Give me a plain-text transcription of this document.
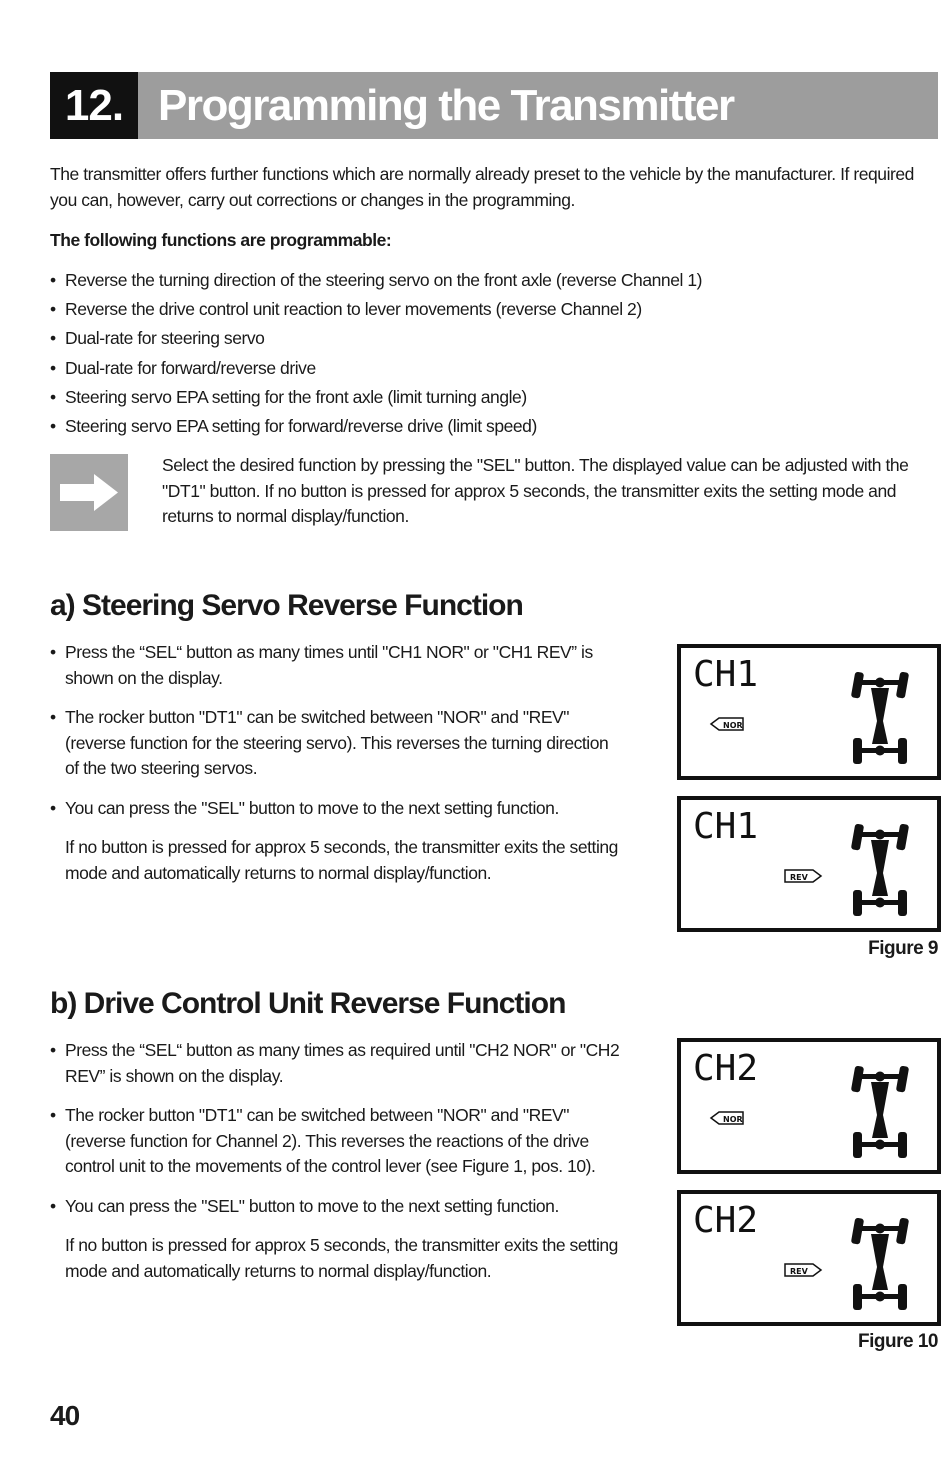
12. Programming the Transmitter
The transmitter offers further functions which are normally already preset to the vehicle by the manufacturer. If required you can, however, carry out corrections or changes in the programming.
The following functions are programmable:
• Reverse the turning direction of the steering servo on the front axle (reverse Channel 1)
• Reverse the drive control unit reaction to lever movements (reverse Channel 2)
• Dual-rate for steering servo
• Dual-rate for forward/reverse drive
• Steering servo EPA setting for the front axle (limit turning angle)
• Steering servo EPA setting for forward/reverse drive (limit speed)
Select the desired function by pressing the "SEL" button. The displayed value can be adjusted with the "DT1" button. If no button is pressed for approx 5 seconds, the transmitter exits the setting mode and returns to normal display/function.
a) Steering Servo Reverse Function
• Press the “SEL“ button as many times until "CH1 NOR" or "CH1 REV” is shown on the display.
• The rocker button "DT1" can be switched between "NOR" and "REV" (reverse function for the steering servo). This reverses the turning direction of the two steering servos.
• You can press the "SEL" button to move to the next setting function.
If no button is pressed for approx 5 seconds, the transmitter exits the setting mode and automatically returns to normal display/function.
CH1
NOR
CH1
REV
Figure 9
b) Drive Control Unit Reverse Function
• Press the “SEL“ button as many times as required until "CH2 NOR" or "CH2 REV” is shown on the display.
• The rocker button "DT1" can be switched between "NOR" and "REV" (reverse function for Channel 2). This reverses the reactions of the drive control unit to the movements of the control lever (see Figure 1, pos. 10).
• You can press the "SEL" button to move to the next setting function.
If no button is pressed for approx 5 seconds, the transmitter exits the setting mode and automatically returns to normal display/function.
CH2
NOR
CH2
REV
Figure 10
40
